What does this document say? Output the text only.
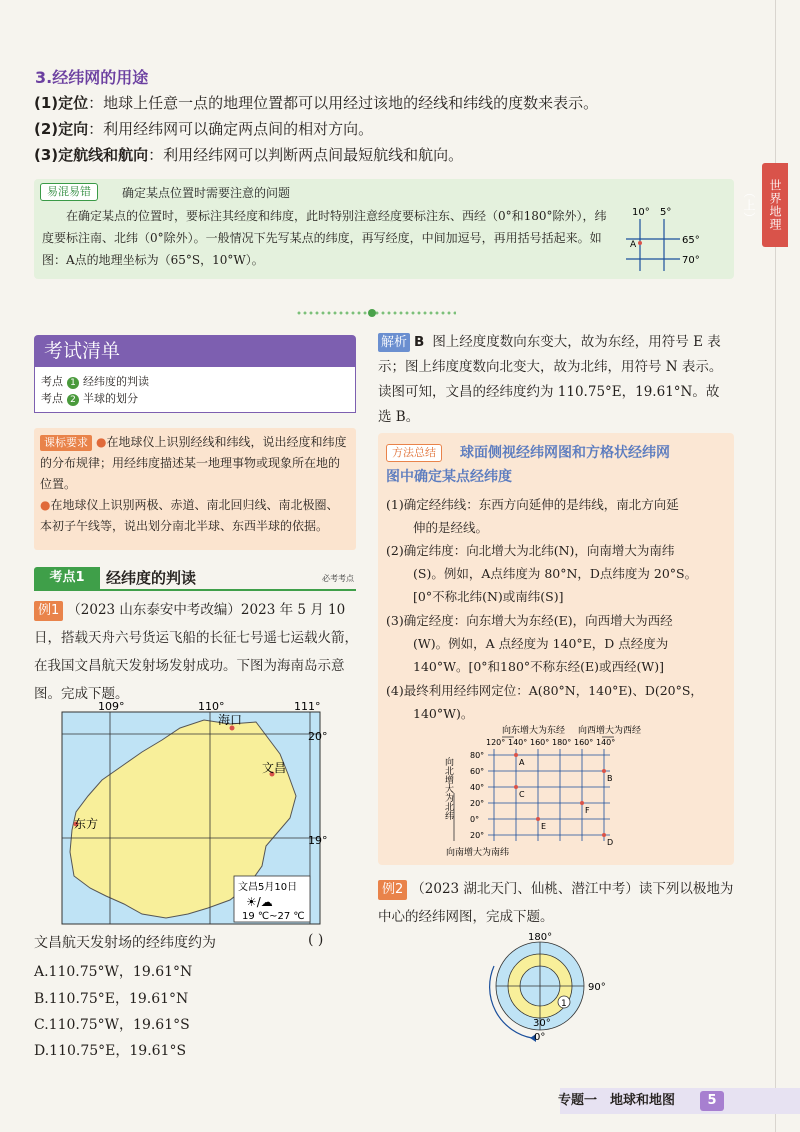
世界地理（上）
3.经纬网的用途
(1)定位：地球上任意一点的地理位置都可以用经过该地的经线和纬线的度数来表示。
(2)定向：利用经纬网可以确定两点间的相对方向。
(3)定航线和航向：利用经纬网可以判断两点间最短航线和航向。
易混易错	确定某点位置时需要注意的问题
在确定某点的位置时，要标注其经度和纬度，此时特别注意经度要标注东、西经（0°和180°除外），纬度要标注南、北纬（0°除外）。一般情况下先写某点的纬度，再写经度，中间加逗号，再用括号括起来。如图：A点的地理坐标为（65°S，10°W）。
10° 5°
65°
70°
A
考试清单
考点 1 经纬度的判读
考点 2 半球的划分
课标要求 ●在地球仪上识别经线和纬线，说出经度和纬度的分布规律；用经纬度描述某一地理事物或现象所在地的位置。
●在地球仪上识别两极、赤道、南北回归线、南北极圈、本初子午线等，说出划分南北半球、东西半球的依据。
考点1	经纬度的判读	必考考点
例1 （2023 山东泰安中考改编）2023 年 5 月 10 日，搭载天舟六号货运飞船的长征七号遥七运载火箭，在我国文昌航天发射场发射成功。下图为海南岛示意图。完成下题。
109°	110°	111°
20°
19°
海口
文昌
东方
文昌5月10日
☀/☁
19 ℃~27 ℃
文昌航天发射场的经纬度约为	( )
A.110.75°W，19.61°N
B.110.75°E，19.61°N
C.110.75°W，19.61°S
D.110.75°E，19.61°S
解析 B 图上经度度数向东变大，故为东经，用符号 E 表示；图上纬度度数向北变大，故为北纬，用符号 N 表示。读图可知，文昌的经纬度约为 110.75°E，19.61°N。故选 B。
方法总结	球面侧视经纬网图和方格状经纬网
图中确定某点经纬度
(1)确定经纬线：东西方向延伸的是纬线，南北方向延
伸的是经线。
(2)确定纬度：向北增大为北纬(N)，向南增大为南纬
(S)。例如，A点纬度为 80°N，D点纬度为 20°S。
[0°不称北纬(N)或南纬(S)]
(3)确定经度：向东增大为东经(E)，向西增大为西经
(W)。例如，A 点经度为 140°E，D 点经度为
140°W。[0°和180°不称东经(E)或西经(W)]
(4)最终利用经纬网定位：A(80°N，140°E)、D(20°S，
140°W)。
向东增大为东经 向西增大为西经
向北增大为北纬
向南增大为南纬
120° 140° 160° 180° 160° 140°
80°
60°
40°
20°
0°
20°
A
B
C
D
E
F
例2 （2023 湖北天门、仙桃、潜江中考）读下列以极地为中心的经纬网图，完成下题。
180°
90°
30°
0°
1
专题一　地球和地图	5
